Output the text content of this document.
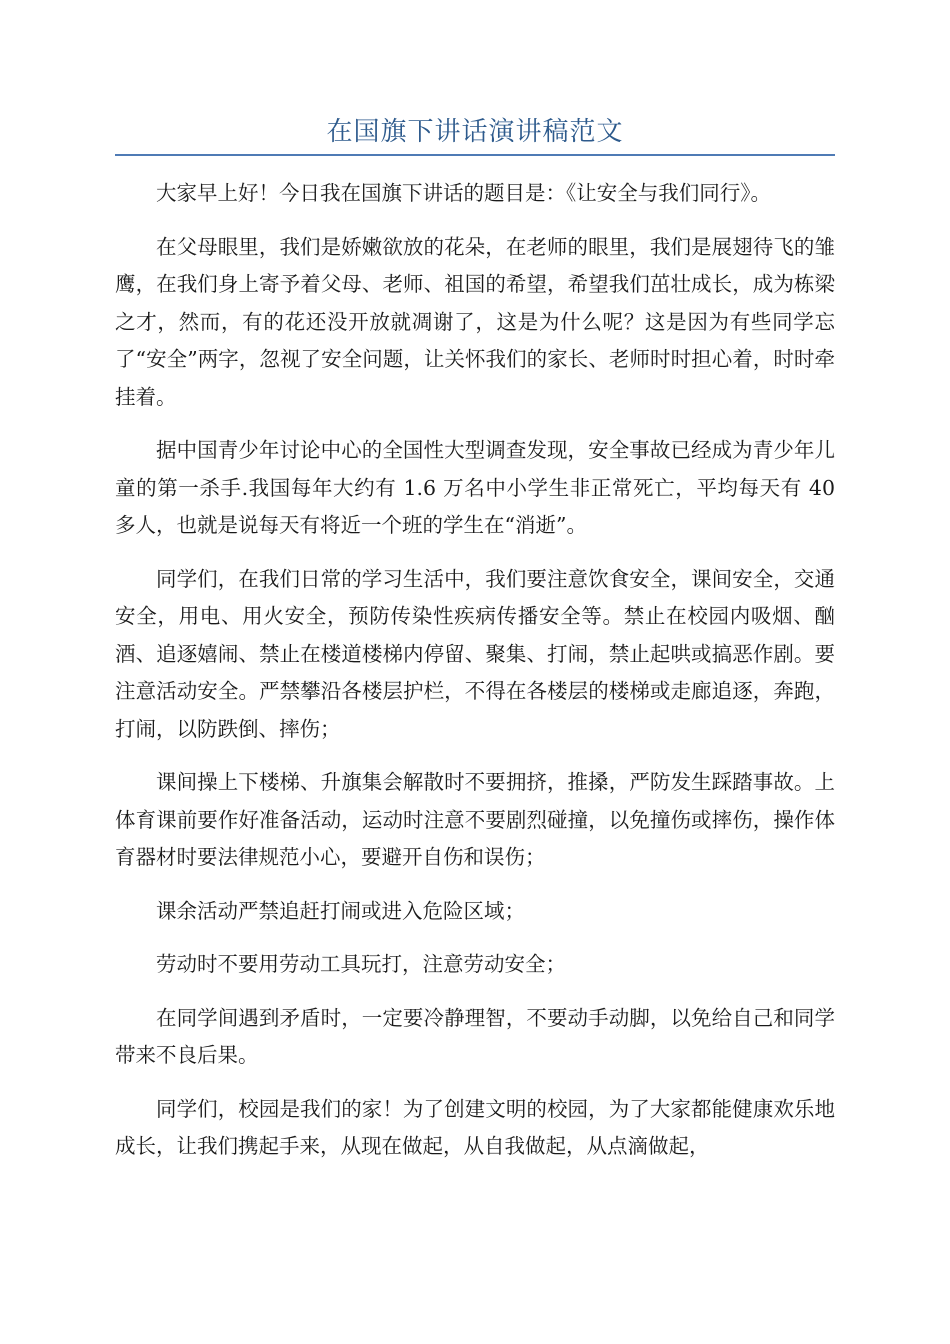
在国旗下讲话演讲稿范文

大家早上好！今日我在国旗下讲话的题目是：《让安全与我们同行》。

在父母眼里，我们是娇嫩欲放的花朵，在老师的眼里，我们是展翅待飞的雏鹰，在我们身上寄予着父母、老师、祖国的希望，希望我们茁壮成长，成为栋梁之才，然而，有的花还没开放就凋谢了，这是为什么呢？这是因为有些同学忘了“安全”两字，忽视了安全问题，让关怀我们的家长、老师时时担心着，时时牵挂着。

据中国青少年讨论中心的全国性大型调查发现，安全事故已经成为青少年儿童的第一杀手.我国每年大约有 1.6 万名中小学生非正常死亡，平均每天有 40 多人，也就是说每天有将近一个班的学生在“消逝”。

同学们，在我们日常的学习生活中，我们要注意饮食安全，课间安全，交通安全，用电、用火安全，预防传染性疾病传播安全等。禁止在校园内吸烟、酗酒、追逐嬉闹、禁止在楼道楼梯内停留、聚集、打闹，禁止起哄或搞恶作剧。要注意活动安全。严禁攀沿各楼层护栏，不得在各楼层的楼梯或走廊追逐，奔跑，打闹，以防跌倒、摔伤；

课间操上下楼梯、升旗集会解散时不要拥挤，推搡，严防发生踩踏事故。上体育课前要作好准备活动，运动时注意不要剧烈碰撞，以免撞伤或摔伤，操作体育器材时要法律规范小心，要避开自伤和误伤；

课余活动严禁追赶打闹或进入危险区域；

劳动时不要用劳动工具玩打，注意劳动安全；

在同学间遇到矛盾时，一定要冷静理智，不要动手动脚，以免给自己和同学带来不良后果。

同学们，校园是我们的家！为了创建文明的校园，为了大家都能健康欢乐地成长，让我们携起手来，从现在做起，从自我做起，从点滴做起，
